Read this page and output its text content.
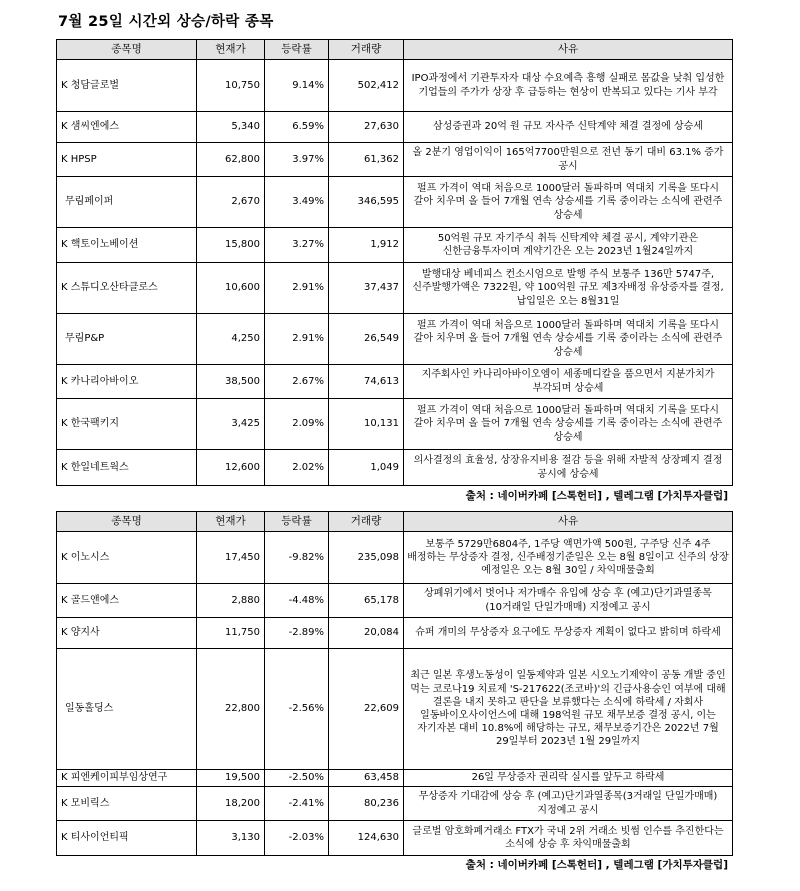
7월 25일 시간외 상승/하락 종목
종목명	현재가	등락률	거래량	사유
K 청담글로벌	10,750	9.14%	502,412	IPO과정에서 기관투자자 대상 수요예측 흥행 실패로 몸값을 낮춰 입성한 기업들의 주가가 상장 후 급등하는 현상이 반복되고 있다는 기사 부각
K 샘씨엔에스	5,340	6.59%	27,630	삼성증권과 20억 원 규모 자사주 신탁계약 체결 결정에 상승세
K HPSP	62,800	3.97%	61,362	올 2분기 영업이익이 165억7700만원으로 전년 동기 대비 63.1% 증가 공시
무림페이퍼	2,670	3.49%	346,595	펄프 가격이 역대 처음으로 1000달러 돌파하며 역대치 기록을 또다시 갈아 치우며 올 들어 7개월 연속 상승세를 기록 중이라는 소식에 관련주 상승세
K 핵토이노베이션	15,800	3.27%	1,912	50억원 규모 자기주식 취득 신탁계약 체결 공시, 계약기관은 신한금융투자이며 계약기간은 오는 2023년 1월24일까지
K 스튜디오산타클로스	10,600	2.91%	37,437	발행대상 베네피스 컨소시엄으로 발행 주식 보통주 136만 5747주, 신주발행가액은 7322원, 약 100억원 규모 제3자배정 유상증자를 결정, 납입일은 오는 8월31일
무림P&P	4,250	2.91%	26,549	펄프 가격이 역대 처음으로 1000달러 돌파하며 역대치 기록을 또다시 갈아 치우며 올 들어 7개월 연속 상승세를 기록 중이라는 소식에 관련주 상승세
K 카나리아바이오	38,500	2.67%	74,613	지주회사인 카나리아바이오엠이 세종메디칼을 품으면서 지분가치가 부각되며 상승세
K 한국팩키지	3,425	2.09%	10,131	펄프 가격이 역대 처음으로 1000달러 돌파하며 역대치 기록을 또다시 갈아 치우며 올 들어 7개월 연속 상승세를 기록 중이라는 소식에 관련주 상승세
K 한일네트웍스	12,600	2.02%	1,049	의사결정의 효율성, 상장유지비용 절감 등을 위해 자발적 상장폐지 결정 공시에 상승세
출처 : 네이버카페 [스톡헌터] , 텔레그램 [가치투자클럽]
종목명	현재가	등락률	거래량	사유
K 이노시스	17,450	-9.82%	235,098	보통주 5729만6804주, 1주당 액면가액 500원, 구주당 신주 4주 배정하는 무상증자 결정, 신주배정기준일은 오는 8월 8일이고 신주의 상장 예정일은 오는 8월 30일 / 차익매물출회
K 골드앤에스	2,880	-4.48%	65,178	상폐위기에서 벗어나 저가매수 유입에 상승 후 (예고)단기과열종목(10거래일 단일가매매) 지정예고 공시
K 양지사	11,750	-2.89%	20,084	슈퍼 개미의 무상증자 요구에도 무상증자 계획이 없다고 밝히며 하락세
일동홀딩스	22,800	-2.56%	22,609	최근 일본 후생노동성이 일동제약과 일본 시오노기제약이 공동 개발 중인 먹는 코로나19 치료제 'S-217622(조코바)'의 긴급사용승인 여부에 대해 결론을 내지 못하고 판단을 보류했다는 소식에 하락세 / 자회사 일동바이오사이언스에 대해 198억원 규모 채무보증 결정 공시, 이는 자기자본 대비 10.8%에 해당하는 규모, 채무보증기간은 2022년 7월 29일부터 2023년 1월 29일까지
K 피엔케이피부임상연구	19,500	-2.50%	63,458	26일 무상증자 권리락 실시를 앞두고 하락세
K 모비릭스	18,200	-2.41%	80,236	무상증자 기대감에 상승 후 (예고)단기과열종목(3거래일 단일가매매) 지정예고 공시
K 티사이언티픽	3,130	-2.03%	124,630	글로벌 암호화폐거래소 FTX가 국내 2위 거래소 빗썸 인수를 추진한다는 소식에 상승 후 차익매물출회
출처 : 네이버카페 [스톡헌터] , 텔레그램 [가치투자클럽]
